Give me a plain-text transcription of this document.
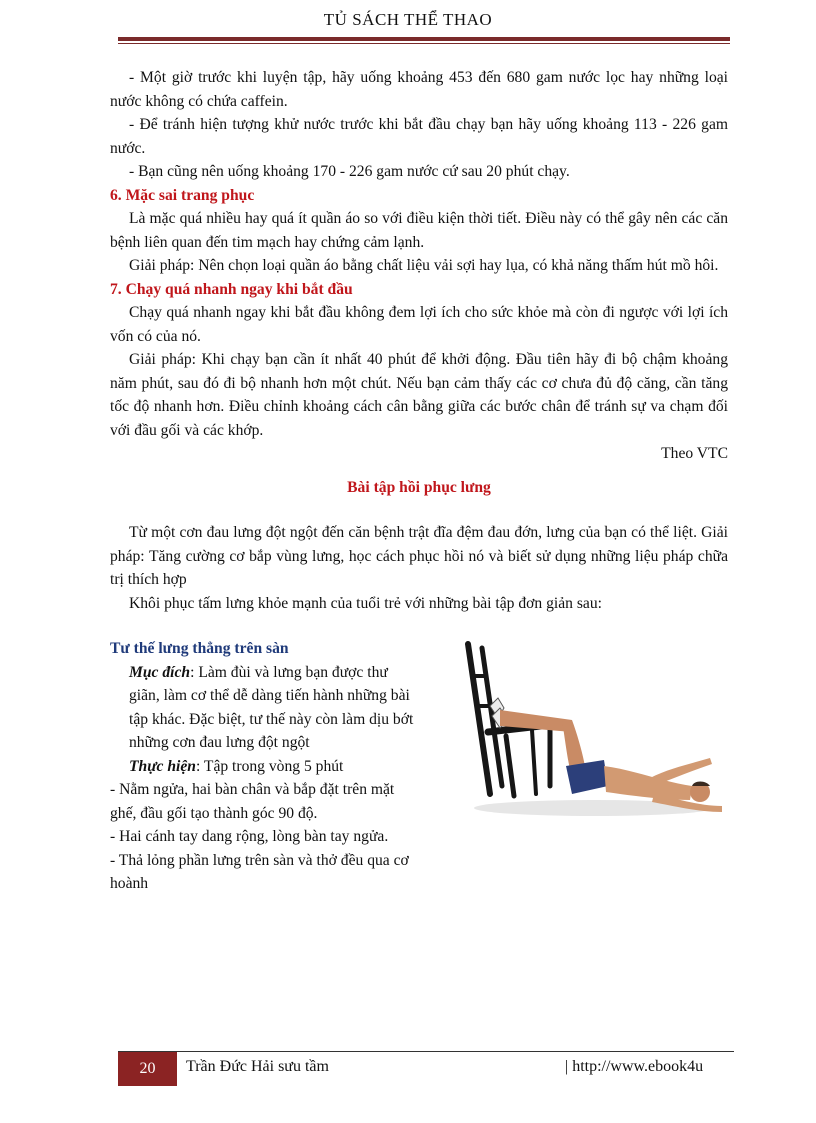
TỦ SÁCH THỂ THAO

- Một giờ trước khi luyện tập, hãy uống khoảng 453 đến 680 gam nước lọc hay những loại nước không có chứa caffein.

- Để tránh hiện tượng khử nước trước khi bắt đầu chạy bạn hãy uống khoảng 113 - 226 gam nước.

- Bạn cũng nên uống khoảng 170 - 226 gam nước cứ sau 20 phút chạy.

6. Mặc sai trang phục

Là mặc quá nhiều hay quá ít quần áo so với điều kiện thời tiết. Điều này có thể gây nên các căn bệnh liên quan đến tim mạch hay chứng cảm lạnh.

Giải pháp: Nên chọn loại quần áo bằng chất liệu vải sợi hay lụa, có khả năng thấm hút mồ hôi.

7. Chạy quá nhanh ngay khi bắt đầu

Chạy quá nhanh ngay khi bắt đầu không đem lợi ích cho sức khỏe mà còn đi ngược với lợi ích vốn có của nó.

Giải pháp: Khi chạy bạn cần ít nhất 40 phút để khởi động. Đầu tiên hãy đi bộ chậm khoảng năm phút, sau đó đi bộ nhanh hơn một chút. Nếu bạn cảm thấy các cơ chưa đủ độ căng, cần tăng tốc độ nhanh hơn. Điều chỉnh khoảng cách cân bằng giữa các bước chân để tránh sự va chạm đối với đầu gối và các khớp.

Theo VTC

Bài tập hồi phục lưng

Từ một cơn đau lưng đột ngột đến căn bệnh trật đĩa đệm đau đớn, lưng của bạn có thể liệt. Giải pháp: Tăng cường cơ bắp vùng lưng, học cách phục hồi nó và biết sử dụng những liệu pháp chữa trị thích hợp

Khôi phục tấm lưng khỏe mạnh của tuổi trẻ với những bài tập đơn giản sau:

Tư thế lưng thẳng trên sàn

Mục đích: Làm đùi và lưng bạn được thư giãn, làm cơ thể dễ dàng tiến hành những bài tập khác. Đặc biệt, tư thế này còn làm dịu bớt những cơn đau lưng đột ngột

Thực hiện: Tập trong vòng 5 phút

- Nằm ngửa, hai bàn chân và bắp đặt trên mặt ghế, đầu gối tạo thành góc 90 độ.

- Hai cánh tay dang rộng, lòng bàn tay ngửa.

- Thả lỏng phần lưng trên sàn và thở đều qua cơ hoành

20	Trần Đức Hải sưu tầm	| http://www.ebook4u
